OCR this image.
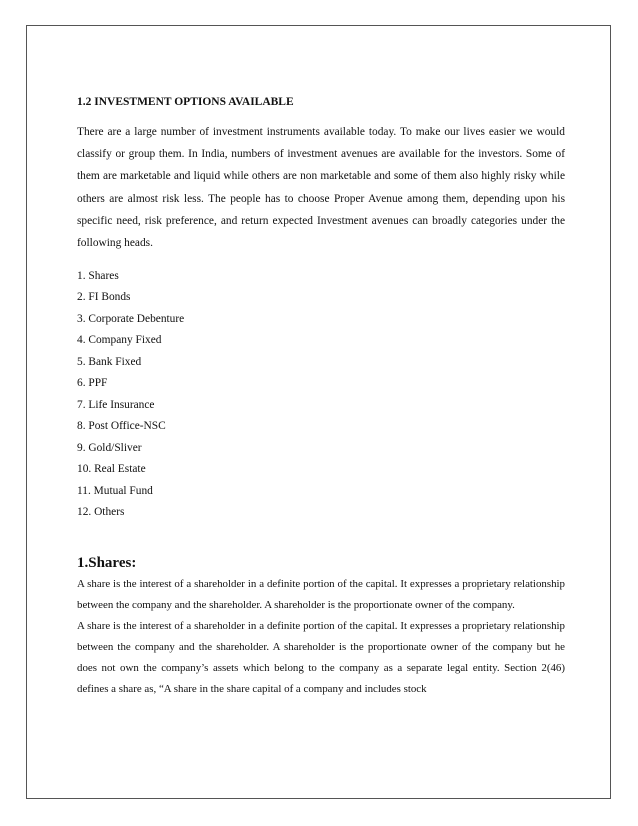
1.2 INVESTMENT OPTIONS AVAILABLE

There are a large number of investment instruments available today. To make our lives easier we would classify or group them. In India, numbers of investment avenues are available for the investors. Some of them are marketable and liquid while others are non marketable and some of them also highly risky while others are almost risk less. The people has to choose Proper Avenue among them, depending upon his specific need, risk preference, and return expected Investment avenues can broadly categories under the following heads.

1. Shares
2. FI Bonds
3. Corporate Debenture
4. Company Fixed
5. Bank Fixed
6. PPF
7. Life Insurance
8. Post Office-NSC
9. Gold/Sliver
10. Real Estate
11. Mutual Fund
12. Others
1.Shares:

A share is the interest of a shareholder in a definite portion of the capital. It expresses a proprietary relationship between the company and the shareholder. A shareholder is the proportionate owner of the company.

A share is the interest of a shareholder in a definite portion of the capital. It expresses a proprietary relationship between the company and the shareholder. A shareholder is the proportionate owner of the company but he does not own the company’s assets which belong to the company as a separate legal entity. Section 2(46) defines a share as, “A share in the share capital of a company and includes stock
